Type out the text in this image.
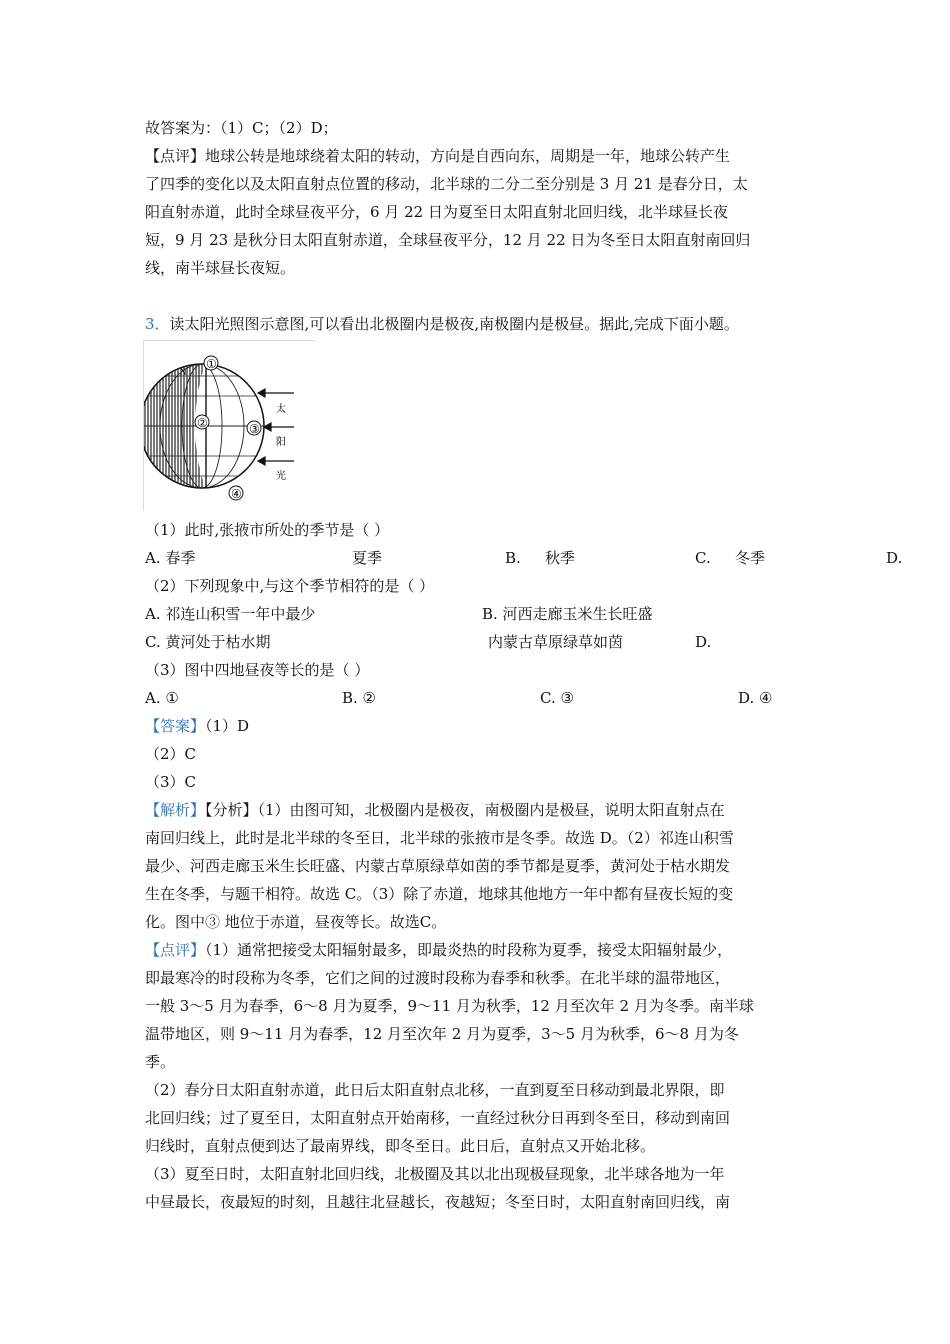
故答案为：（1）C；（2）D；
【点评】地球公转是地球绕着太阳的转动，方向是自西向东，周期是一年，地球公转产生
了四季的变化以及太阳直射点位置的移动，北半球的二分二至分别是 3 月 21 是春分日，太
阳直射赤道，此时全球昼夜平分，6 月 22 日为夏至日太阳直射北回归线，北半球昼长夜
短，9 月 23 是秋分日太阳直射赤道，全球昼夜平分，12 月 22 日为冬至日太阳直射南回归
线，南半球昼长夜短。
3．读太阳光照图示意图,可以看出北极圈内是极夜,南极圈内是极昼。据此,完成下面小题。
N
①
②	③
④
太
阳
光
（1）此时,张掖市所处的季节是（ ）
A. 春季	夏季	B. 秋季	C. 冬季	D.
（2）下列现象中,与这个季节相符的是（ ）
A. 祁连山积雪一年中最少	B. 河西走廊玉米生长旺盛
C. 黄河处于枯水期	内蒙古草原绿草如茵	D.
（3）图中四地昼夜等长的是（ ）
A. ①	B. ②	C. ③	D. ④
【答案】（1）D
（2）C
（3）C
【解析】【分析】（1）由图可知，北极圈内是极夜，南极圈内是极昼，说明太阳直射点在
南回归线上，此时是北半球的冬至日，北半球的张掖市是冬季。故选 D。（2）祁连山积雪
最少、河西走廊玉米生长旺盛、内蒙古草原绿草如茵的季节都是夏季，黄河处于枯水期发
生在冬季，与题干相符。故选 C。（3）除了赤道，地球其他地方一年中都有昼夜长短的变
化。图中③ 地位于赤道，昼夜等长。故选C。
【点评】（1）通常把接受太阳辐射最多，即最炎热的时段称为夏季，接受太阳辐射最少，
即最寒冷的时段称为冬季，它们之间的过渡时段称为春季和秋季。在北半球的温带地区，
一般 3～5 月为春季，6～8 月为夏季，9～11 月为秋季，12 月至次年 2 月为冬季。南半球
温带地区，则 9～11 月为春季，12 月至次年 2 月为夏季，3～5 月为秋季，6～8 月为冬
季。
（2）春分日太阳直射赤道，此日后太阳直射点北移，一直到夏至日移动到最北界限，即
北回归线；过了夏至日，太阳直射点开始南移，一直经过秋分日再到冬至日，移动到南回
归线时，直射点便到达了最南界线，即冬至日。此日后，直射点又开始北移。
（3）夏至日时，太阳直射北回归线，北极圈及其以北出现极昼现象，北半球各地为一年
中昼最长，夜最短的时刻，且越往北昼越长，夜越短；冬至日时，太阳直射南回归线，南
